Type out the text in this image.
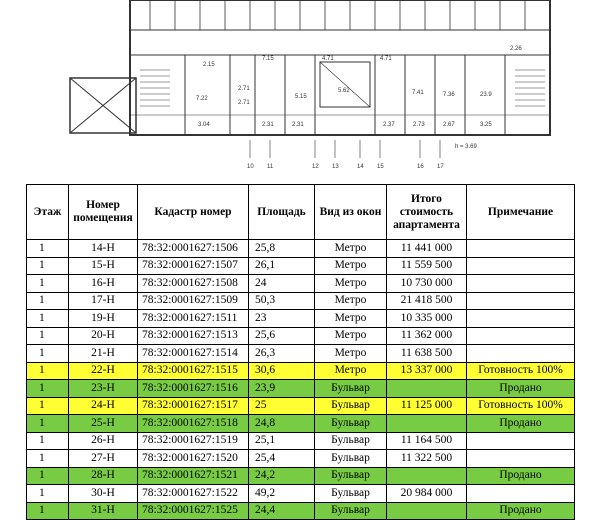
7.22
2.71
2.71
5.15
5.62	7.41	7.36	23.9
2.15
3.04	2.31	2.31	2.37	2.73	3.25
2.67
2.26
7.15	4.71	4.71
h = 3.69
10 11	12 13	14 15	16 17
Этаж	Номер помещения	Кадастр номер	Площадь	Вид из окон	Итого стоимость апартамента	Примечание
1	14-Н	78:32:0001627:1506	25,8	Метро	11 441 000	
1	15-Н	78:32:0001627:1507	26,1	Метро	11 559 500	
1	16-Н	78:32:0001627:1508	24	Метро	10 730 000	
1	17-Н	78:32:0001627:1509	50,3	Метро	21 418 500	
1	19-Н	78:32:0001627:1511	23	Метро	10 335 000	
1	20-Н	78:32:0001627:1513	25,6	Метро	11 362 000	
1	21-Н	78:32:0001627:1514	26,3	Метро	11 638 500	
1	22-Н	78:32:0001627:1515	30,6	Метро	13 337 000	Готовность 100%
1	23-Н	78:32:0001627:1516	23,9	Бульвар		Продано
1	24-Н	78:32:0001627:1517	25	Бульвар	11 125 000	Готовность 100%
1	25-Н	78:32:0001627:1518	24,8	Бульвар		Продано
1	26-Н	78:32:0001627:1519	25,1	Бульвар	11 164 500	
1	27-Н	78:32:0001627:1520	25,4	Бульвар	11 322 500	
1	28-Н	78:32:0001627:1521	24,2	Бульвар		Продано
1	30-Н	78:32:0001627:1522	49,2	Бульвар	20 984 000	
1	31-Н	78:32:0001627:1525	24,4	Бульвар		Продано
